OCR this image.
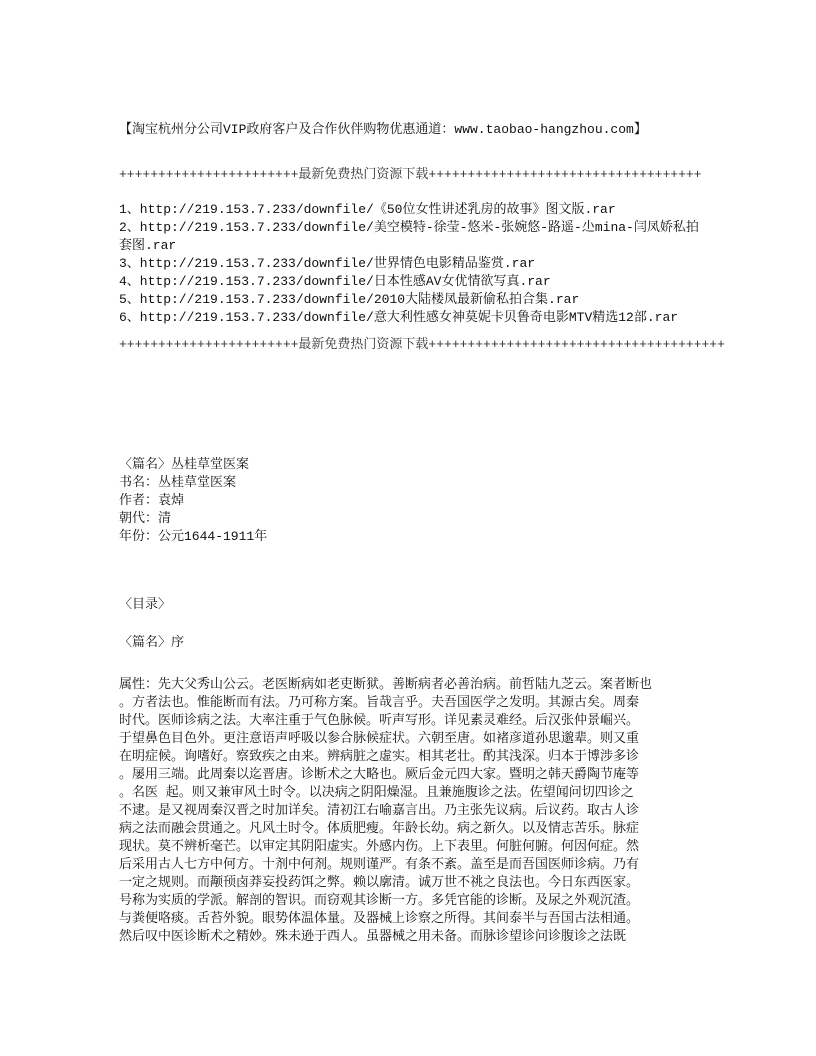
【淘宝杭州分公司VIP政府客户及合作伙伴购物优惠通道：www.taobao-hangzhou.com】
+++++++++++++++++++++++最新免费热门资源下载+++++++++++++++++++++++++++++++++++
1、http://219.153.7.233/downfile/《50位女性讲述乳房的故事》图文版.rar
2、http://219.153.7.233/downfile/美空模特-徐莹-悠米-张婉悠-路遥-尐mina-闫凤娇私拍
套图.rar
3、http://219.153.7.233/downfile/世界情色电影精品鉴赏.rar
4、http://219.153.7.233/downfile/日本性感AV女优情欲写真.rar
5、http://219.153.7.233/downfile/2010大陆楼凤最新偷私拍合集.rar
6、http://219.153.7.233/downfile/意大利性感女神莫妮卡贝鲁奇电影MTV精选12部.rar
+++++++++++++++++++++++最新免费热门资源下载++++++++++++++++++++++++++++++++++++++
〈篇名〉丛桂草堂医案
书名：丛桂草堂医案
作者：袁焯
朝代：清
年份：公元1644-1911年
〈目录〉
〈篇名〉序
属性：先大父秀山公云。老医断病如老吏断狱。善断病者必善治病。前哲陆九芝云。案者断也
。方者法也。惟能断而有法。乃可称方案。旨哉言乎。夫吾国医学之发明。其源古矣。周秦
时代。医师诊病之法。大率注重于气色脉候。听声写形。详见素灵难经。后汉张仲景崛兴。
于望鼻色目色外。更注意语声呼吸以参合脉候症状。六朝至唐。如褚彦道孙思邈辈。则又重
在明症候。询嗜好。察致疾之由来。辨病脏之虚实。相其老壮。酌其浅深。归本于博涉多诊
。屡用三端。此周秦以迄晋唐。诊断术之大略也。厥后金元四大家。暨明之韩天爵陶节庵等
。名医 起。则又兼审风土时令。以决病之阴阳燥湿。且兼施腹诊之法。佐望闻问切四诊之
不逮。是又视周秦汉晋之时加详矣。清初江右喻嘉言出。乃主张先议病。后议药。取古人诊
病之法而融会贯通之。凡风土时令。体质肥瘦。年龄长幼。病之新久。以及情志苦乐。脉症
现状。莫不辨析毫芒。以审定其阴阳虚实。外感内伤。上下表里。何脏何腑。何因何症。然
后采用古人七方中何方。十剂中何剂。规则谨严。有条不紊。盖至是而吾国医师诊病。乃有
一定之规则。而颟顸卤莽妄投药饵之弊。赖以廓清。诚万世不祧之良法也。今日东西医家。
号称为实质的学派。解剖的智识。而窃观其诊断一方。多凭官能的诊断。及尿之外观沉渣。
与粪便咯痰。舌苔外貌。眼势体温体量。及器械上诊察之所得。其间泰半与吾国古法相通。
然后叹中医诊断术之精妙。殊未逊于西人。虽器械之用未备。而脉诊望诊问诊腹诊之法既
